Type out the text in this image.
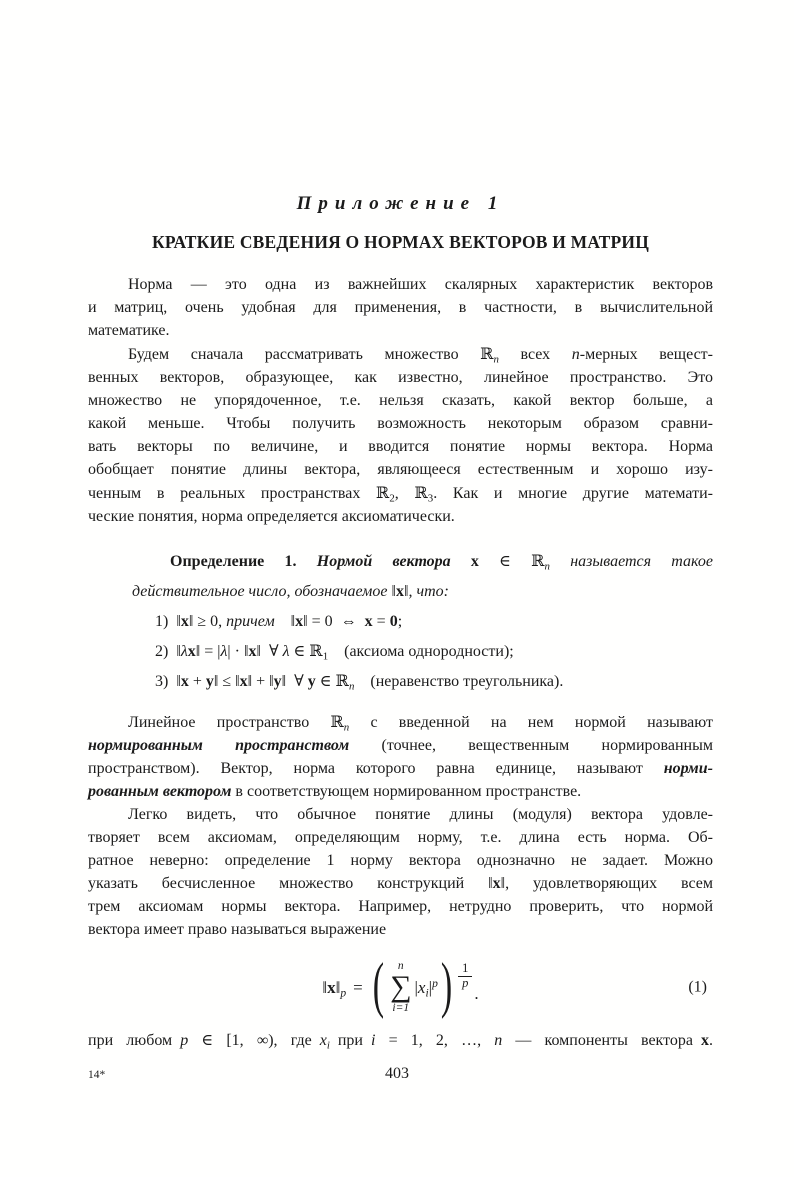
Приложение 1
КРАТКИЕ СВЕДЕНИЯ О НОРМАХ ВЕКТОРОВ И МАТРИЦ
Норма — это одна из важнейших скалярных характеристик векторов
и матриц, очень удобная для применения, в частности, в вычислительной
математике.
Будем сначала рассматривать множество ℝ$_n$ всех n-мерных вещест-
венных векторов, образующее, как известно, линейное пространство. Это
множество не упорядоченное, т.е. нельзя сказать, какой вектор больше, а
какой меньше. Чтобы получить возможность некоторым образом сравни-
вать векторы по величине, и вводится понятие нормы вектора. Норма
обобщает понятие длины вектора, являющееся естественным и хорошо изу-
ченным в реальных пространствах ℝ$_2$, ℝ$_3$. Как и многие другие математи-
ческие понятия, норма определяется аксиоматически.
Определение 1. Нормой вектора x ∈ ℝ$_n$ называется такое
действительное число, обозначаемое ‖x‖, что:
1) ‖x‖ ≥ 0, причем ‖x‖ = 0 ⇔ x = 0;
2) ‖λx‖ = |λ| · ‖x‖ ∀ λ ∈ ℝ$_1$ (аксиома однородности);
3) ‖x + y‖ ≤ ‖x‖ + ‖y‖ ∀ y ∈ ℝ$_n$ (неравенство треугольника).
Линейное пространство ℝ$_n$ с введенной на нем нормой называют
нормированным пространством (точнее, вещественным нормированным
пространством). Вектор, норма которого равна единице, называют норми-
рованным вектором в соответствующем нормированном пространстве.
Легко видеть, что обычное понятие длины (модуля) вектора удовле-
творяет всем аксиомам, определяющим норму, т.е. длина есть норма. Об-
ратное неверно: определение 1 норму вектора однозначно не задает. Можно
указать бесчисленное множество конструкций ‖x‖, удовлетворяющих всем
трем аксиомам нормы вектора. Например, нетрудно проверить, что нормой
вектора имеет право называться выражение
$‖x‖_p$ = ( n
∑
i=1
$|x_i|^p$ ) $\frac{1}{p}$
.	(1)
при любом p ∈ [1, ∞), где $x_i$ при i = 1, 2, …, n — компоненты вектора x.
14*	403
